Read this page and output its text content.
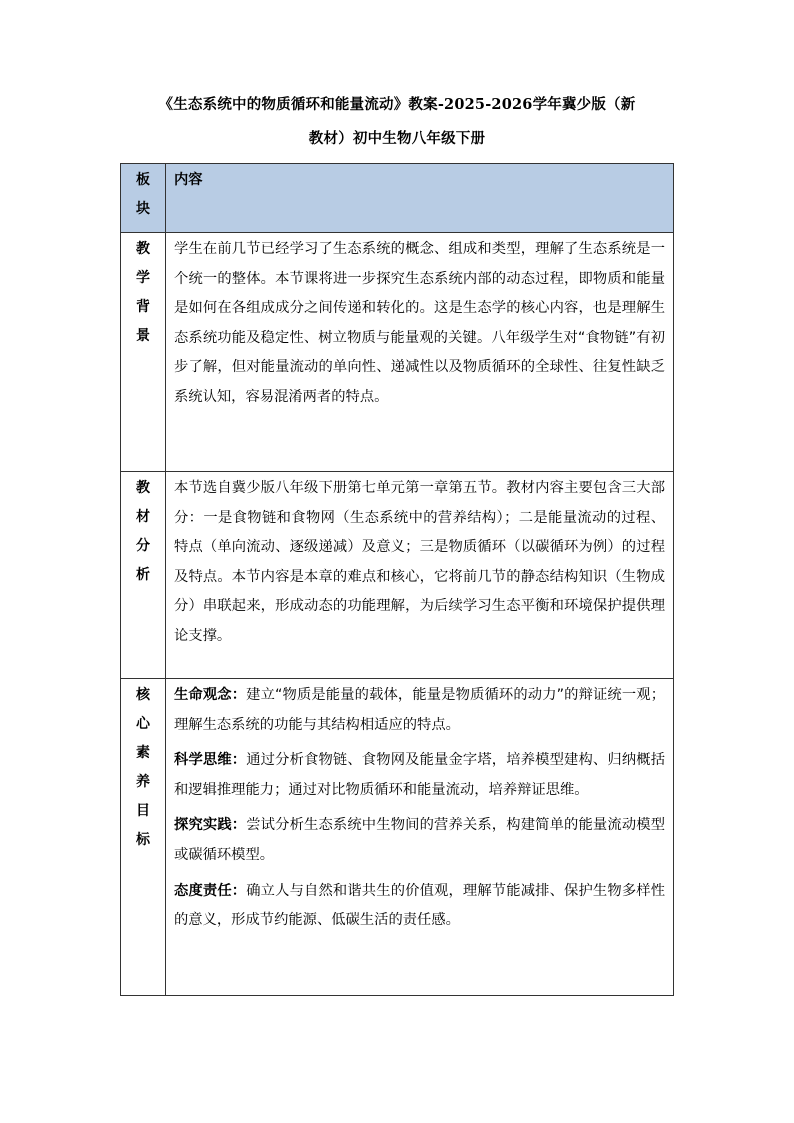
《生态系统中的物质循环和能量流动》教案-2025-2026学年冀少版（新
教材）初中生物八年级下册
板块	内容

教学背景	学生在前几节已经学习了生态系统的概念、组成和类型，理解了生态系统是一个统一的整体。本节课将进一步探究生态系统内部的动态过程，即物质和能量是如何在各组成成分之间传递和转化的。这是生态学的核心内容，也是理解生态系统功能及稳定性、树立物质与能量观的关键。八年级学生对“食物链”有初步了解，但对能量流动的单向性、递减性以及物质循环的全球性、往复性缺乏系统认知，容易混淆两者的特点。

教材分析	本节选自冀少版八年级下册第七单元第一章第五节。教材内容主要包含三大部分：一是食物链和食物网（生态系统中的营养结构）；二是能量流动的过程、特点（单向流动、逐级递减）及意义；三是物质循环（以碳循环为例）的过程及特点。本节内容是本章的难点和核心，它将前几节的静态结构知识（生物成分）串联起来，形成动态的功能理解，为后续学习生态平衡和环境保护提供理论支撑。

核心素养目标	生命观念：建立“物质是能量的载体，能量是物质循环的动力”的辩证统一观；理解生态系统的功能与其结构相适应的特点。

科学思维：通过分析食物链、食物网及能量金字塔，培养模型建构、归纳概括和逻辑推理能力；通过对比物质循环和能量流动，培养辩证思维。

探究实践：尝试分析生态系统中生物间的营养关系，构建简单的能量流动模型或碳循环模型。

态度责任：确立人与自然和谐共生的价值观，理解节能减排、保护生物多样性的意义，形成节约能源、低碳生活的责任感。
